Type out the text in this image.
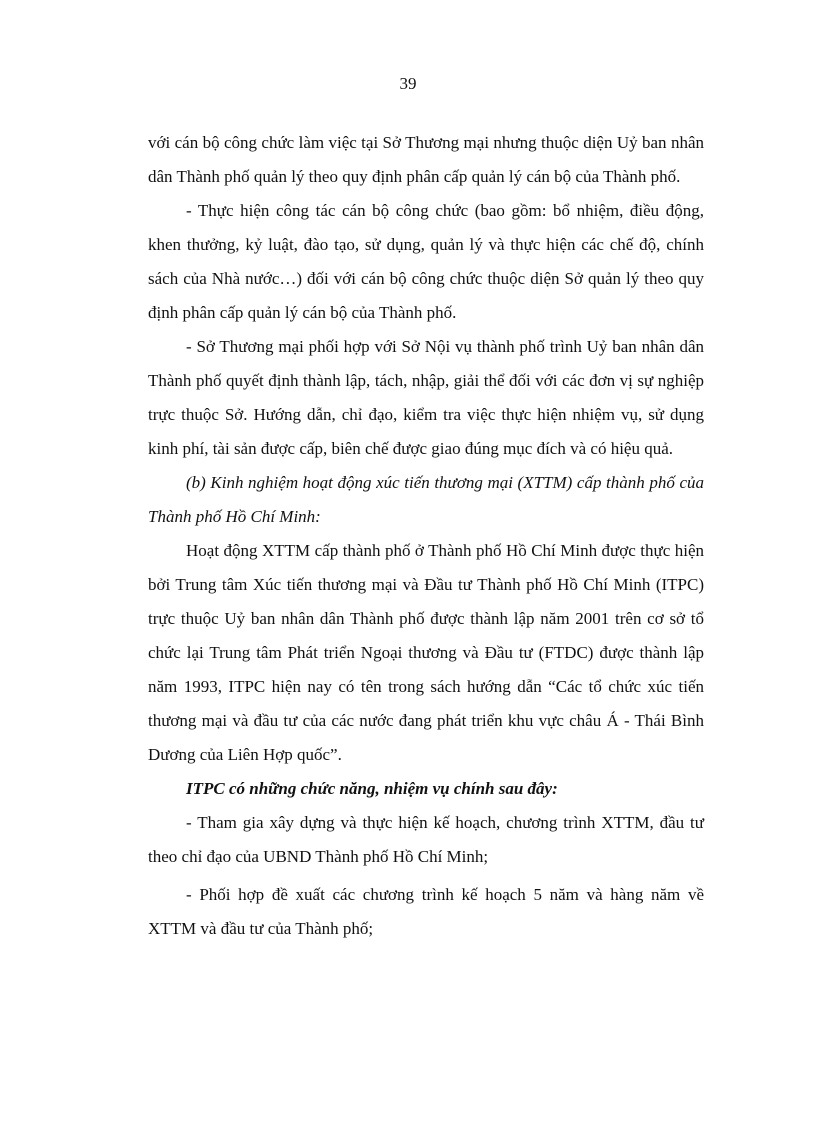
39

với cán bộ công chức làm việc tại Sở Thương mại nhưng thuộc diện Uỷ ban nhân dân Thành phố quản lý theo quy định phân cấp quản lý cán bộ của Thành phố.

- Thực hiện công tác cán bộ công chức (bao gồm: bổ nhiệm, điều động, khen thưởng, kỷ luật, đào tạo, sử dụng, quản lý và thực hiện các chế độ, chính sách của Nhà nước…) đối với cán bộ công chức thuộc diện Sở quản lý theo quy định phân cấp quản lý cán bộ của Thành phố.

- Sở Thương mại phối hợp với Sở Nội vụ thành phố trình Uỷ ban nhân dân Thành phố quyết định thành lập, tách, nhập, giải thể đối với các đơn vị sự nghiệp trực thuộc Sở. Hướng dẫn, chỉ đạo, kiểm tra việc thực hiện nhiệm vụ, sử dụng kinh phí, tài sản được cấp, biên chế được giao đúng mục đích và có hiệu quả.

(b) Kinh nghiệm hoạt động xúc tiến thương mại (XTTM) cấp thành phố của Thành phố Hồ Chí Minh:

Hoạt động XTTM cấp thành phố ở Thành phố Hồ Chí Minh được thực hiện bởi Trung tâm Xúc tiến thương mại và Đầu tư Thành phố Hồ Chí Minh (ITPC) trực thuộc Uỷ ban nhân dân Thành phố được thành lập năm 2001 trên cơ sở tổ chức lại Trung tâm Phát triển Ngoại thương và Đầu tư (FTDC) được thành lập năm 1993, ITPC hiện nay có tên trong sách hướng dẫn “Các tổ chức xúc tiến thương mại và đầu tư của các nước đang phát triển khu vực châu Á - Thái Bình Dương của Liên Hợp quốc”.

ITPC có những chức năng, nhiệm vụ chính sau đây:

- Tham gia xây dựng và thực hiện kế hoạch, chương trình XTTM, đầu tư theo chỉ đạo của UBND Thành phố Hồ Chí Minh;

- Phối hợp đề xuất các chương trình kế hoạch 5 năm và hàng năm về XTTM và đầu tư của Thành phố;
